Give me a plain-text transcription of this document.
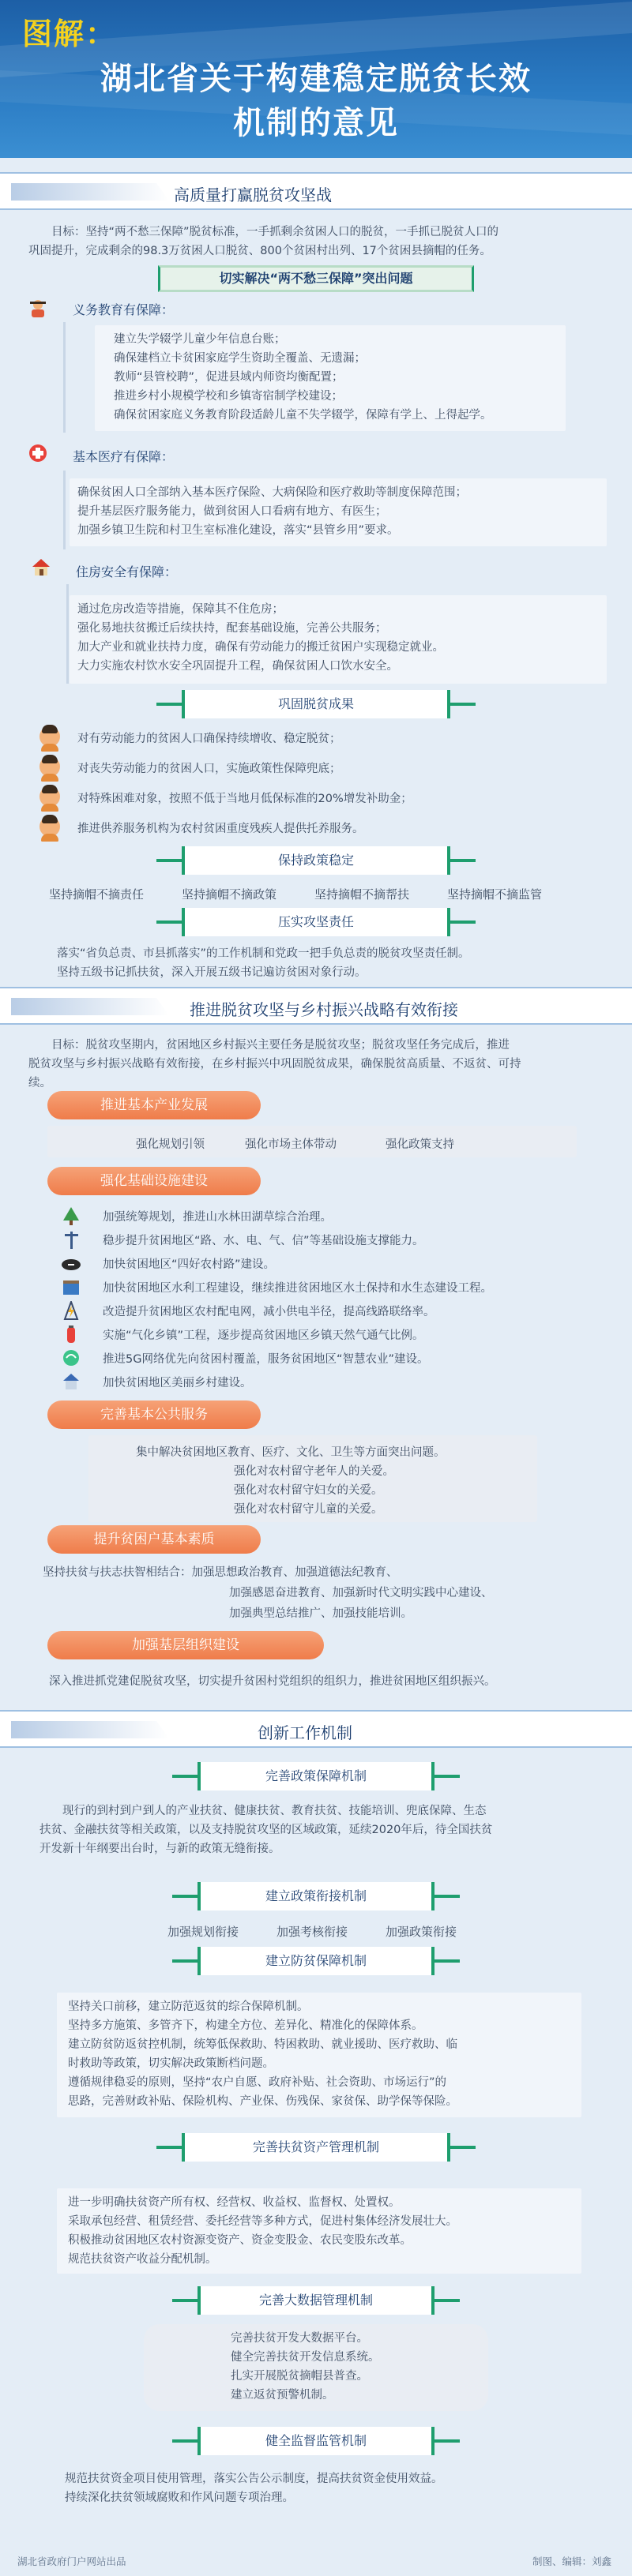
图解：
湖北省关于构建稳定脱贫长效
机制的意见
高质量打赢脱贫攻坚战
目标：坚持“两不愁三保障”脱贫标准，一手抓剩余贫困人口的脱贫，一手抓已脱贫人口的
巩固提升，完成剩余的98.3万贫困人口脱贫、800个贫困村出列、17个贫困县摘帽的任务。
切实解决“两不愁三保障”突出问题
义务教育有保障：
建立失学辍学儿童少年信息台账；
确保建档立卡贫困家庭学生资助全覆盖、无遗漏；
教师“县管校聘”，促进县域内师资均衡配置；
推进乡村小规模学校和乡镇寄宿制学校建设；
确保贫困家庭义务教育阶段适龄儿童不失学辍学，保障有学上、上得起学。
基本医疗有保障：
确保贫困人口全部纳入基本医疗保险、大病保险和医疗救助等制度保障范围；
提升基层医疗服务能力，做到贫困人口看病有地方、有医生；
加强乡镇卫生院和村卫生室标准化建设，落实“县管乡用”要求。
住房安全有保障：
通过危房改造等措施，保障其不住危房；
强化易地扶贫搬迁后续扶持，配套基础设施，完善公共服务；
加大产业和就业扶持力度，确保有劳动能力的搬迁贫困户实现稳定就业。
大力实施农村饮水安全巩固提升工程，确保贫困人口饮水安全。
巩固脱贫成果
对有劳动能力的贫困人口确保持续增收、稳定脱贫；
对丧失劳动能力的贫困人口，实施政策性保障兜底；
对特殊困难对象，按照不低于当地月低保标准的20%增发补助金；
推进供养服务机构为农村贫困重度残疾人提供托养服务。
保持政策稳定
坚持摘帽不摘责任	坚持摘帽不摘政策	坚持摘帽不摘帮扶	坚持摘帽不摘监管
压实攻坚责任
落实“省负总责、市县抓落实”的工作机制和党政一把手负总责的脱贫攻坚责任制。
坚持五级书记抓扶贫，深入开展五级书记遍访贫困对象行动。
推进脱贫攻坚与乡村振兴战略有效衔接
目标：脱贫攻坚期内，贫困地区乡村振兴主要任务是脱贫攻坚；脱贫攻坚任务完成后，推进
脱贫攻坚与乡村振兴战略有效衔接，在乡村振兴中巩固脱贫成果，确保脱贫高质量、不返贫、可持
续。
推进基本产业发展
强化规划引领	强化市场主体带动	强化政策支持
强化基础设施建设
加强统筹规划，推进山水林田湖草综合治理。
稳步提升贫困地区“路、水、电、气、信”等基础设施支撑能力。
加快贫困地区“四好农村路”建设。
加快贫困地区水利工程建设，继续推进贫困地区水土保持和水生态建设工程。
改造提升贫困地区农村配电网，减小供电半径，提高线路联络率。
实施“气化乡镇”工程，逐步提高贫困地区乡镇天然气通气比例。
推进5G网络优先向贫困村覆盖，服务贫困地区“智慧农业”建设。
加快贫困地区美丽乡村建设。
完善基本公共服务
集中解决贫困地区教育、医疗、文化、卫生等方面突出问题。
强化对农村留守老年人的关爱。
强化对农村留守妇女的关爱。
强化对农村留守儿童的关爱。
提升贫困户基本素质
坚持扶贫与扶志扶智相结合：加强思想政治教育、加强道德法纪教育、
加强感恩奋进教育、加强新时代文明实践中心建设、
加强典型总结推广、加强技能培训。
加强基层组织建设
深入推进抓党建促脱贫攻坚，切实提升贫困村党组织的组织力，推进贫困地区组织振兴。
创新工作机制
完善政策保障机制
现行的到村到户到人的产业扶贫、健康扶贫、教育扶贫、技能培训、兜底保障、生态
扶贫、金融扶贫等相关政策，以及支持脱贫攻坚的区域政策，延续2020年后，待全国扶贫
开发新十年纲要出台时，与新的政策无缝衔接。
建立政策衔接机制
加强规划衔接	加强考核衔接	加强政策衔接
建立防贫保障机制
坚持关口前移，建立防范返贫的综合保障机制。
坚持多方施策、多管齐下，构建全方位、差异化、精准化的保障体系。
建立防贫防返贫控机制，统筹低保救助、特困救助、就业援助、医疗救助、临
时救助等政策，切实解决政策断档问题。
遵循规律稳妥的原则，坚持“农户自愿、政府补贴、社会资助、市场运行”的
思路，完善财政补贴、保险机构、产业保、伤残保、家贫保、助学保等保险。
完善扶贫资产管理机制
进一步明确扶贫资产所有权、经营权、收益权、监督权、处置权。
采取承包经营、租赁经营、委托经营等多种方式，促进村集体经济发展壮大。
积极推动贫困地区农村资源变资产、资金变股金、农民变股东改革。
规范扶贫资产收益分配机制。
完善大数据管理机制
完善扶贫开发大数据平台。
健全完善扶贫开发信息系统。
扎实开展脱贫摘帽县普查。
建立返贫预警机制。
健全监督监管机制
规范扶贫资金项目使用管理，落实公告公示制度，提高扶贫资金使用效益。
持续深化扶贫领域腐败和作风问题专项治理。
湖北省政府门户网站出品	制图、编辑：刘鑫
